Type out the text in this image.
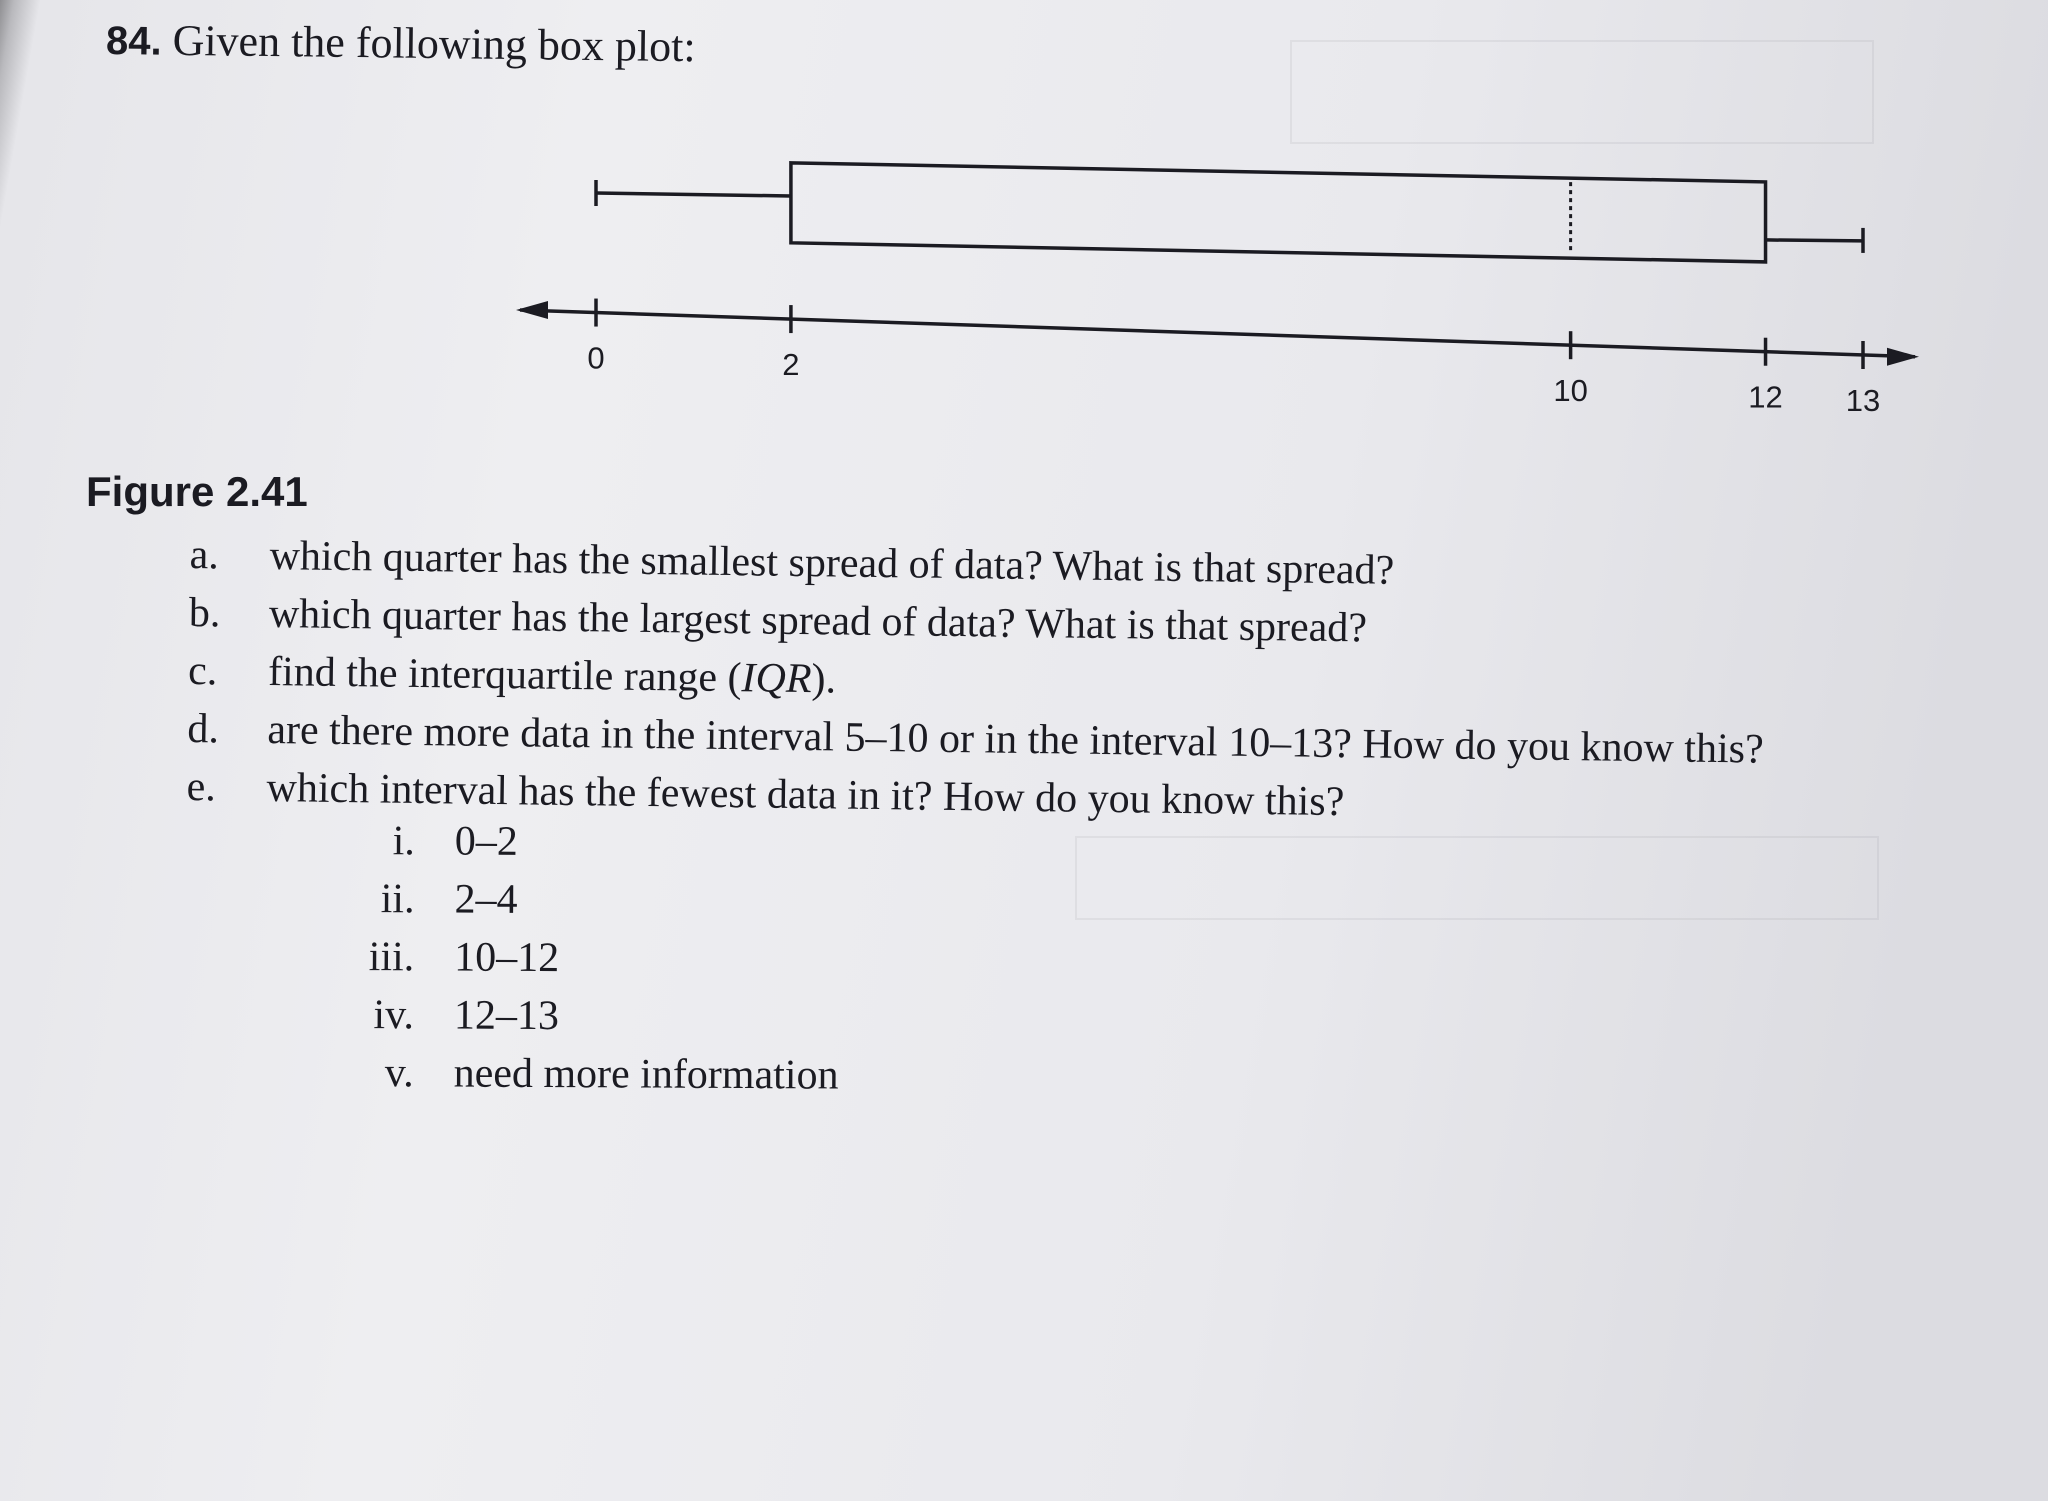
84. Given the following box plot:
0	2
10	12 13
Figure 2.41
a.	which quarter has the smallest spread of data? What is that spread?
b.	which quarter has the largest spread of data? What is that spread?
c.	find the interquartile range (IQR).
d.	are there more data in the interval 5–10 or in the interval 10–13? How do you know this?
e.	which interval has the fewest data in it? How do you know this?
i. 0–2
ii. 2–4
iii. 10–12
iv. 12–13
v. need more information
